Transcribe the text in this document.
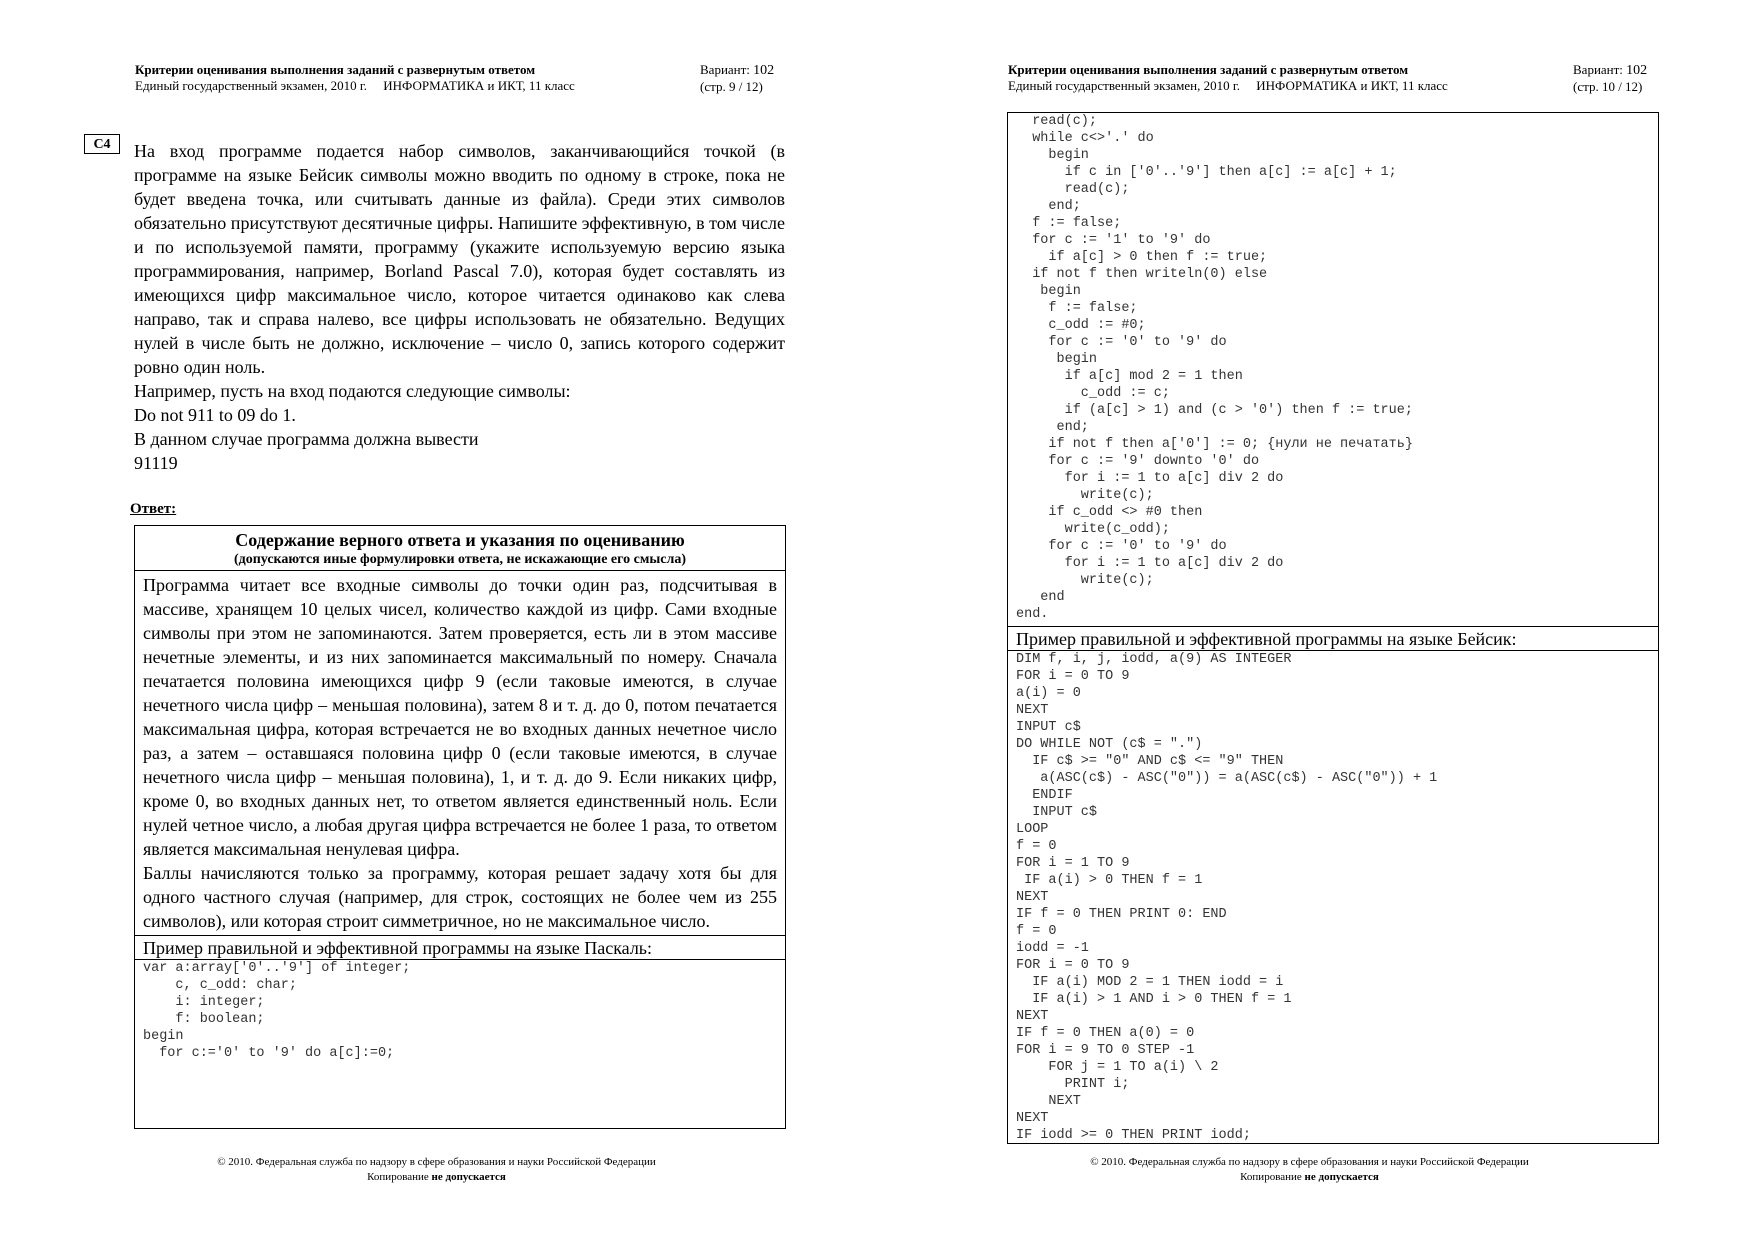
Критерии оценивания выполнения заданий с развернутым ответом
Единый государственный экзамен, 2010 г. ИНФОРМАТИКА и ИКТ, 11 класс
Вариант: 102
(стр. 9 / 12)
C4	На вход программе подается набор символов, заканчивающийся точкой (в программе на языке Бейсик символы можно вводить по одному в строке, пока не будет введена точка, или считывать данные из файла). Среди этих символов обязательно присутствуют десятичные цифры. Напишите эффективную, в том числе и по используемой памяти, программу (укажите используемую версию языка программирования, например, Borland Pascal 7.0), которая будет составлять из имеющихся цифр максимальное число, которое читается одинаково как слева направо, так и справа налево, все цифры использовать не обязательно. Ведущих нулей в числе быть не должно, исключение – число 0, запись которого содержит ровно один ноль.

Например, пусть на вход подаются следующие символы:

Do not 911 to 09 do 1.

В данном случае программа должна вывести

91119

Ответ:
Содержание верного ответа и указания по оцениванию
(допускаются иные формулировки ответа, не искажающие его смысла)

Программа читает все входные символы до точки один раз, подсчитывая в массиве, хранящем 10 целых чисел, количество каждой из цифр. Сами входные символы при этом не запоминаются. Затем проверяется, есть ли в этом массиве нечетные элементы, и из них запоминается максимальный по номеру. Сначала печатается половина имеющихся цифр 9 (если таковые имеются, в случае нечетного числа цифр – меньшая половина), затем 8 и т. д. до 0, потом печатается максимальная цифра, которая встречается не во входных данных нечетное число раз, а затем – оставшаяся половина цифр 0 (если таковые имеются, в случае нечетного числа цифр – меньшая половина), 1, и т. д. до 9. Если никаких цифр, кроме 0, во входных данных нет, то ответом является единственный ноль. Если нулей четное число, а любая другая цифра встречается не более 1 раза, то ответом является максимальная ненулевая цифра.

Баллы начисляются только за программу, которая решает задачу хотя бы для одного частного случая (например, для строк, состоящих не более чем из 255 символов), или которая строит симметричное, но не максимальное число.

Пример правильной и эффективной программы на языке Паскаль:
var a:array['0'..'9'] of integer;
c, c_odd: char;
i: integer;
f: boolean;
begin
for c:='0' to '9' do a[c]:=0;
© 2010. Федеральная служба по надзору в сфере образования и науки Российской Федерации
Копирование не допускается
Критерии оценивания выполнения заданий с развернутым ответом
Единый государственный экзамен, 2010 г. ИНФОРМАТИКА и ИКТ, 11 класс
Вариант: 102
(стр. 10 / 12)
© 2010. Федеральная служба по надзору в сфере образования и науки Российской Федерации
Копирование не допускается
read(c);
while c<>'.' do
begin
if c in ['0'..'9'] then a[c] := a[c] + 1;
read(c);
end;
f := false;
for c := '1' to '9' do
if a[c] > 0 then f := true;
if not f then writeln(0) else
begin
f := false;
c_odd := #0;
for c := '0' to '9' do
begin
if a[c] mod 2 = 1 then
c_odd := c;
if (a[c] > 1) and (c > '0') then f := true;
end;
if not f then a['0'] := 0; {нули не печатать}
for c := '9' downto '0' do
for i := 1 to a[c] div 2 do
write(c);
if c_odd <> #0 then
write(c_odd);
for c := '0' to '9' do
for i := 1 to a[c] div 2 do
write(c);
end
end.
Пример правильной и эффективной программы на языке Бейсик:
DIM f, i, j, iodd, a(9) AS INTEGER
FOR i = 0 TO 9
a(i) = 0
NEXT
INPUT c$
DO WHILE NOT (c$ = ".")
IF c$ >= "0" AND c$ <= "9" THEN
a(ASC(c$) - ASC("0")) = a(ASC(c$) - ASC("0")) + 1
ENDIF
INPUT c$
LOOP
f = 0
FOR i = 1 TO 9
IF a(i) > 0 THEN f = 1
NEXT
IF f = 0 THEN PRINT 0: END
f = 0
iodd = -1
FOR i = 0 TO 9
IF a(i) MOD 2 = 1 THEN iodd = i
IF a(i) > 1 AND i > 0 THEN f = 1
NEXT
IF f = 0 THEN a(0) = 0
FOR i = 9 TO 0 STEP -1
FOR j = 1 TO a(i) \ 2
PRINT i;
NEXT
NEXT
IF iodd >= 0 THEN PRINT iodd;
